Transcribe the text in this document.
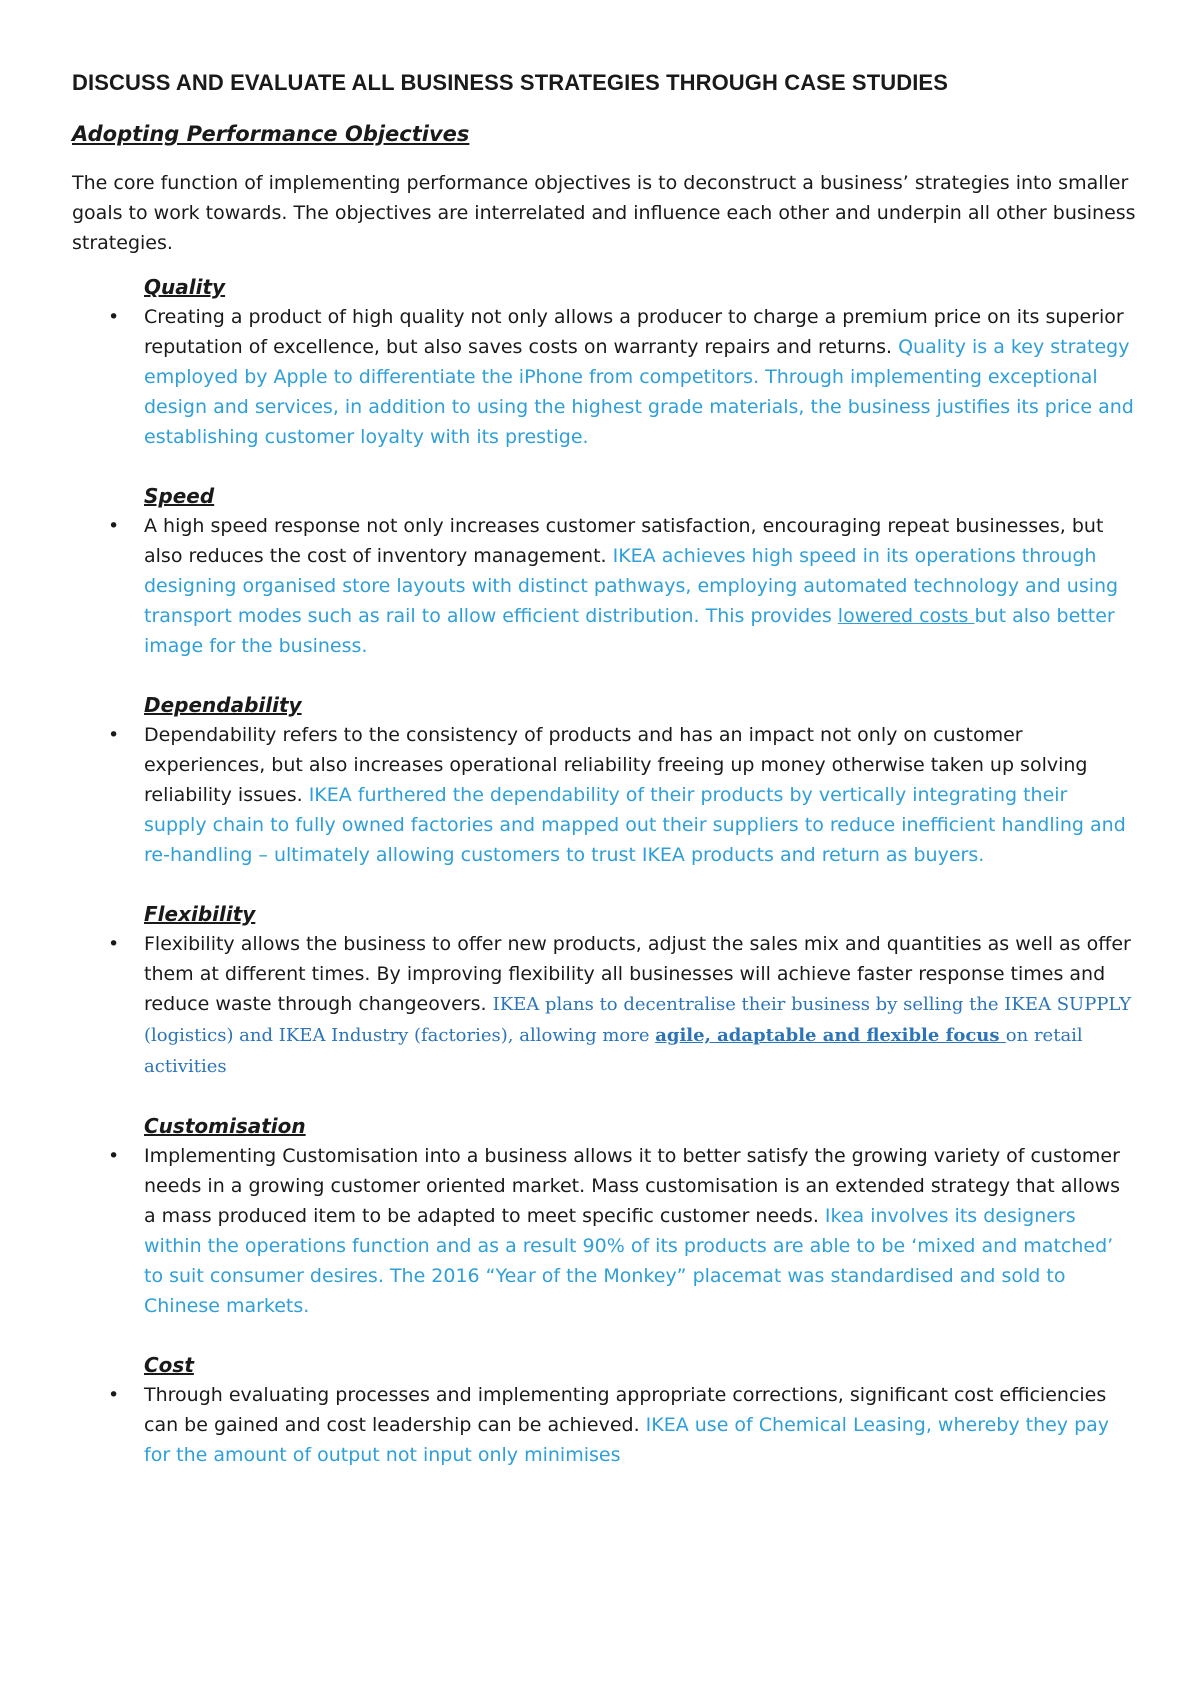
DISCUSS AND EVALUATE ALL BUSINESS STRATEGIES THROUGH CASE STUDIES
Adopting Performance Objectives

The core function of implementing performance objectives is to deconstruct a business’ strategies into smaller goals to work towards. The objectives are interrelated and influence each other and underpin all other business strategies.

Quality
• Creating a product of high quality not only allows a producer to charge a premium price on its superior reputation of excellence, but also saves costs on warranty repairs and returns. Quality is a key strategy employed by Apple to differentiate the iPhone from competitors. Through implementing exceptional design and services, in addition to using the highest grade materials, the business justifies its price and establishing customer loyalty with its prestige.
Speed
• A high speed response not only increases customer satisfaction, encouraging repeat businesses, but also reduces the cost of inventory management. IKEA achieves high speed in its operations through designing organised store layouts with distinct pathways, employing automated technology and using transport modes such as rail to allow efficient distribution. This provides lowered costs but also better image for the business.
Dependability
• Dependability refers to the consistency of products and has an impact not only on customer experiences, but also increases operational reliability freeing up money otherwise taken up solving reliability issues. IKEA furthered the dependability of their products by vertically integrating their supply chain to fully owned factories and mapped out their suppliers to reduce inefficient handling and re-handling – ultimately allowing customers to trust IKEA products and return as buyers.
Flexibility
• Flexibility allows the business to offer new products, adjust the sales mix and quantities as well as offer them at different times. By improving flexibility all businesses will achieve faster response times and reduce waste through changeovers. IKEA plans to decentralise their business by selling the IKEA SUPPLY (logistics) and IKEA Industry (factories), allowing more agile, adaptable and flexible focus on retail activities
Customisation
• Implementing Customisation into a business allows it to better satisfy the growing variety of customer needs in a growing customer oriented market. Mass customisation is an extended strategy that allows a mass produced item to be adapted to meet specific customer needs. Ikea involves its designers within the operations function and as a result 90% of its products are able to be ‘mixed and matched’ to suit consumer desires. The 2016 “Year of the Monkey” placemat was standardised and sold to Chinese markets.
Cost
• Through evaluating processes and implementing appropriate corrections, significant cost efficiencies can be gained and cost leadership can be achieved. IKEA use of Chemical Leasing, whereby they pay for the amount of output not input only minimises
